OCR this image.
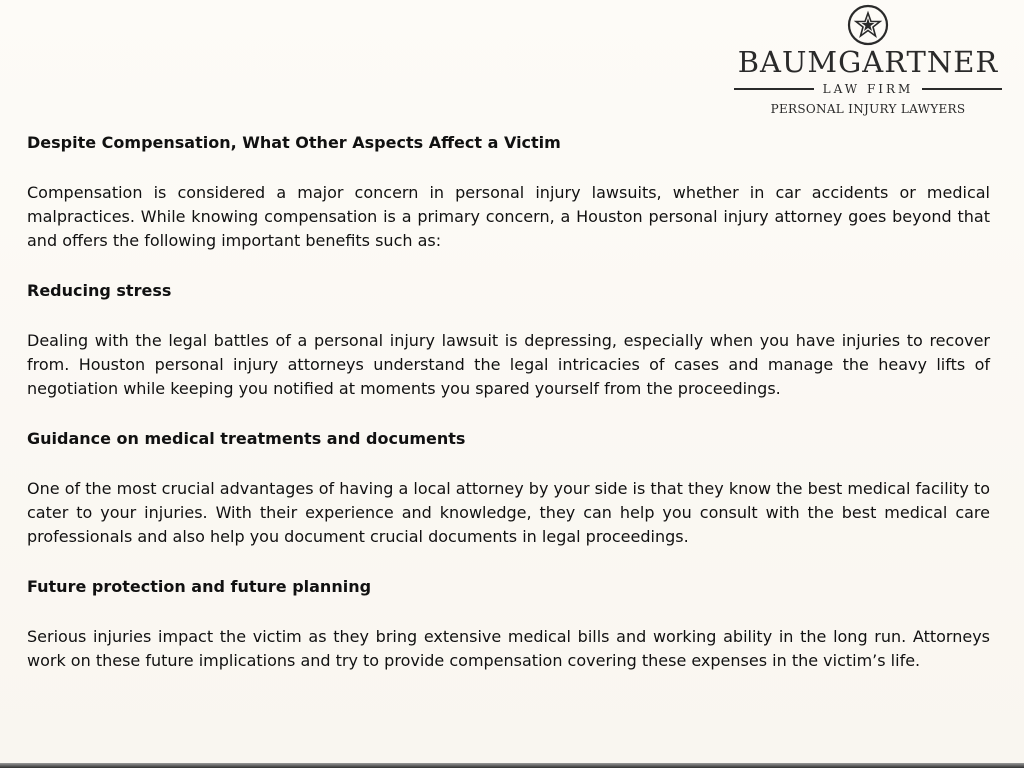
BAUMGARTNER
LAW FIRM
PERSONAL INJURY LAWYERS
Despite Compensation, What Other Aspects Affect a Victim
Compensation is considered a major concern in personal injury lawsuits, whether in car accidents or medical malpractices. While knowing compensation is a primary concern, a Houston personal injury attorney goes beyond that and offers the following important benefits such as:
Reducing stress
Dealing with the legal battles of a personal injury lawsuit is depressing, especially when you have injuries to recover from. Houston personal injury attorneys understand the legal intricacies of cases and manage the heavy lifts of negotiation while keeping you notified at moments you spared yourself from the proceedings.
Guidance on medical treatments and documents
One of the most crucial advantages of having a local attorney by your side is that they know the best medical facility to cater to your injuries. With their experience and knowledge, they can help you consult with the best medical care professionals and also help you document crucial documents in legal proceedings.
Future protection and future planning
Serious injuries impact the victim as they bring extensive medical bills and working ability in the long run. Attorneys work on these future implications and try to provide compensation covering these expenses in the victim’s life.
